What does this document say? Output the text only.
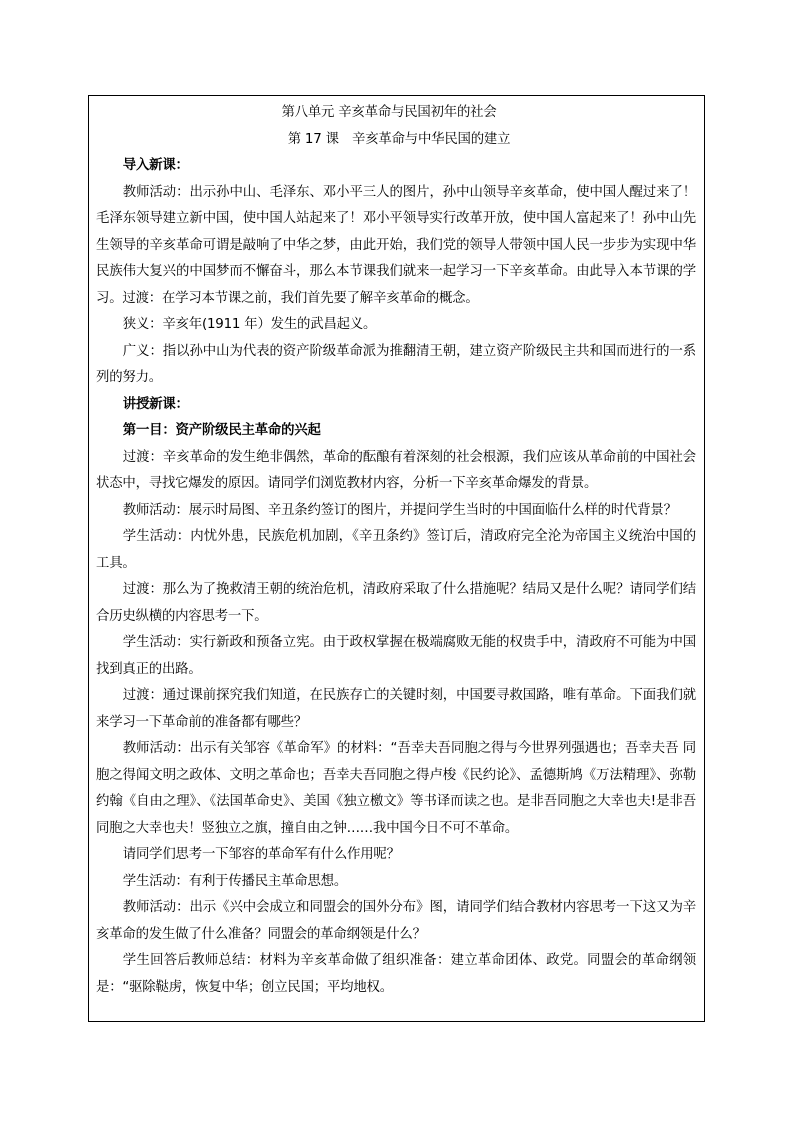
第八单元 辛亥革命与民国初年的社会

第 17 课　辛亥革命与中华民国的建立

导入新课：

教师活动：出示孙中山、毛泽东、邓小平三人的图片，孙中山领导辛亥革命，使中国人醒过来了！毛泽东领导建立新中国，使中国人站起来了！邓小平领导实行改革开放，使中国人富起来了！孙中山先生领导的辛亥革命可谓是敲响了中华之梦，由此开始，我们党的领导人带领中国人民一步步为实现中华民族伟大复兴的中国梦而不懈奋斗，那么本节课我们就来一起学习一下辛亥革命。由此导入本节课的学习。过渡：在学习本节课之前，我们首先要了解辛亥革命的概念。

狭义：辛亥年(1911 年）发生的武昌起义。

广义：指以孙中山为代表的资产阶级革命派为推翻清王朝，建立资产阶级民主共和国而进行的一系列的努力。

讲授新课：

第一目：资产阶级民主革命的兴起

过渡：辛亥革命的发生绝非偶然，革命的酝酿有着深刻的社会根源，我们应该从革命前的中国社会状态中，寻找它爆发的原因。请同学们浏览教材内容，分析一下辛亥革命爆发的背景。

教师活动：展示时局图、辛丑条约签订的图片，并提问学生当时的中国面临什么样的时代背景？

学生活动：内忧外患，民族危机加剧，《辛丑条约》签订后，清政府完全沦为帝国主义统治中国的工具。

过渡：那么为了挽救清王朝的统治危机，清政府采取了什么措施呢？结局又是什么呢？请同学们结合历史纵横的内容思考一下。

学生活动：实行新政和预备立宪。由于政权掌握在极端腐败无能的权贵手中，清政府不可能为中国找到真正的出路。

过渡：通过课前探究我们知道，在民族存亡的关键时刻，中国要寻救国路，唯有革命。下面我们就来学习一下革命前的准备都有哪些？

教师活动：出示有关邹容《革命军》的材料：“吾幸夫吾同胞之得与今世界列强遇也；吾幸夫吾 同胞之得闻文明之政体、文明之革命也；吾幸夫吾同胞之得卢梭《民约论》、孟德斯鸠《万法精理》、弥勒约翰《自由之理》、《法国革命史》、美国《独立檄文》等书译而读之也。是非吾同胞之大幸也夫!是非吾同胞之大幸也夫！竖独立之旗，撞自由之钟……我中国今日不可不革命。

请同学们思考一下邹容的革命军有什么作用呢？

学生活动：有利于传播民主革命思想。

教师活动：出示《兴中会成立和同盟会的国外分布》图，请同学们结合教材内容思考一下这又为辛亥革命的发生做了什么准备？同盟会的革命纲领是什么？

学生回答后教师总结：材料为辛亥革命做了组织准备：建立革命团体、政党。同盟会的革命纲领是：“驱除鞑虏，恢复中华；创立民国；平均地权。
